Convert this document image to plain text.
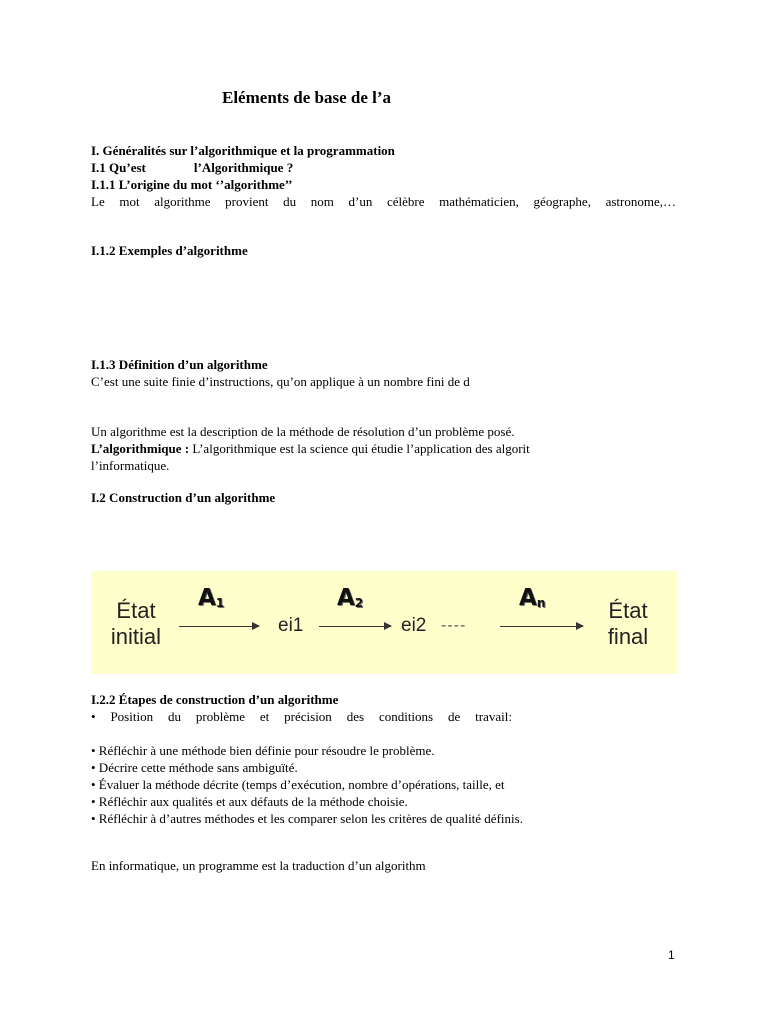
Eléments de base de l’a
I. Généralités sur l’algorithmique et la programmation
I.1 Qu’est	l’Algorithmique ?
I.1.1 L’origine du mot ‘’algorithme’’
Le mot algorithme provient du nom d’un célèbre mathématicien, géographe, astronome,…
I.1.2 Exemples d’algorithme
I.1.3 Définition d’un algorithme
C’est une suite finie d’instructions, qu’on applique à un nombre fini de d
Un algorithme est la description de la méthode de résolution d’un problème posé.
L’algorithmique : L’algorithmique est la science qui étudie l’application des algorit
l’informatique.
I.2 Construction d’un algorithme
État
initial
$A_1$
ei1
$A_2$
ei2 ----
$A_n$	État
final
I.2.2 Étapes de construction d’un algorithme
• Position du problème et précision des conditions de travail:
• Réfléchir à une méthode bien définie pour résoudre le problème.
• Décrire cette méthode sans ambiguïté.
• Évaluer la méthode décrite (temps d’exécution, nombre d’opérations, taille, et
• Réfléchir aux qualités et aux défauts de la méthode choisie.
• Réfléchir à d’autres méthodes et les comparer selon les critères de qualité définis.
En informatique, un programme est la traduction d’un algorithm
1
